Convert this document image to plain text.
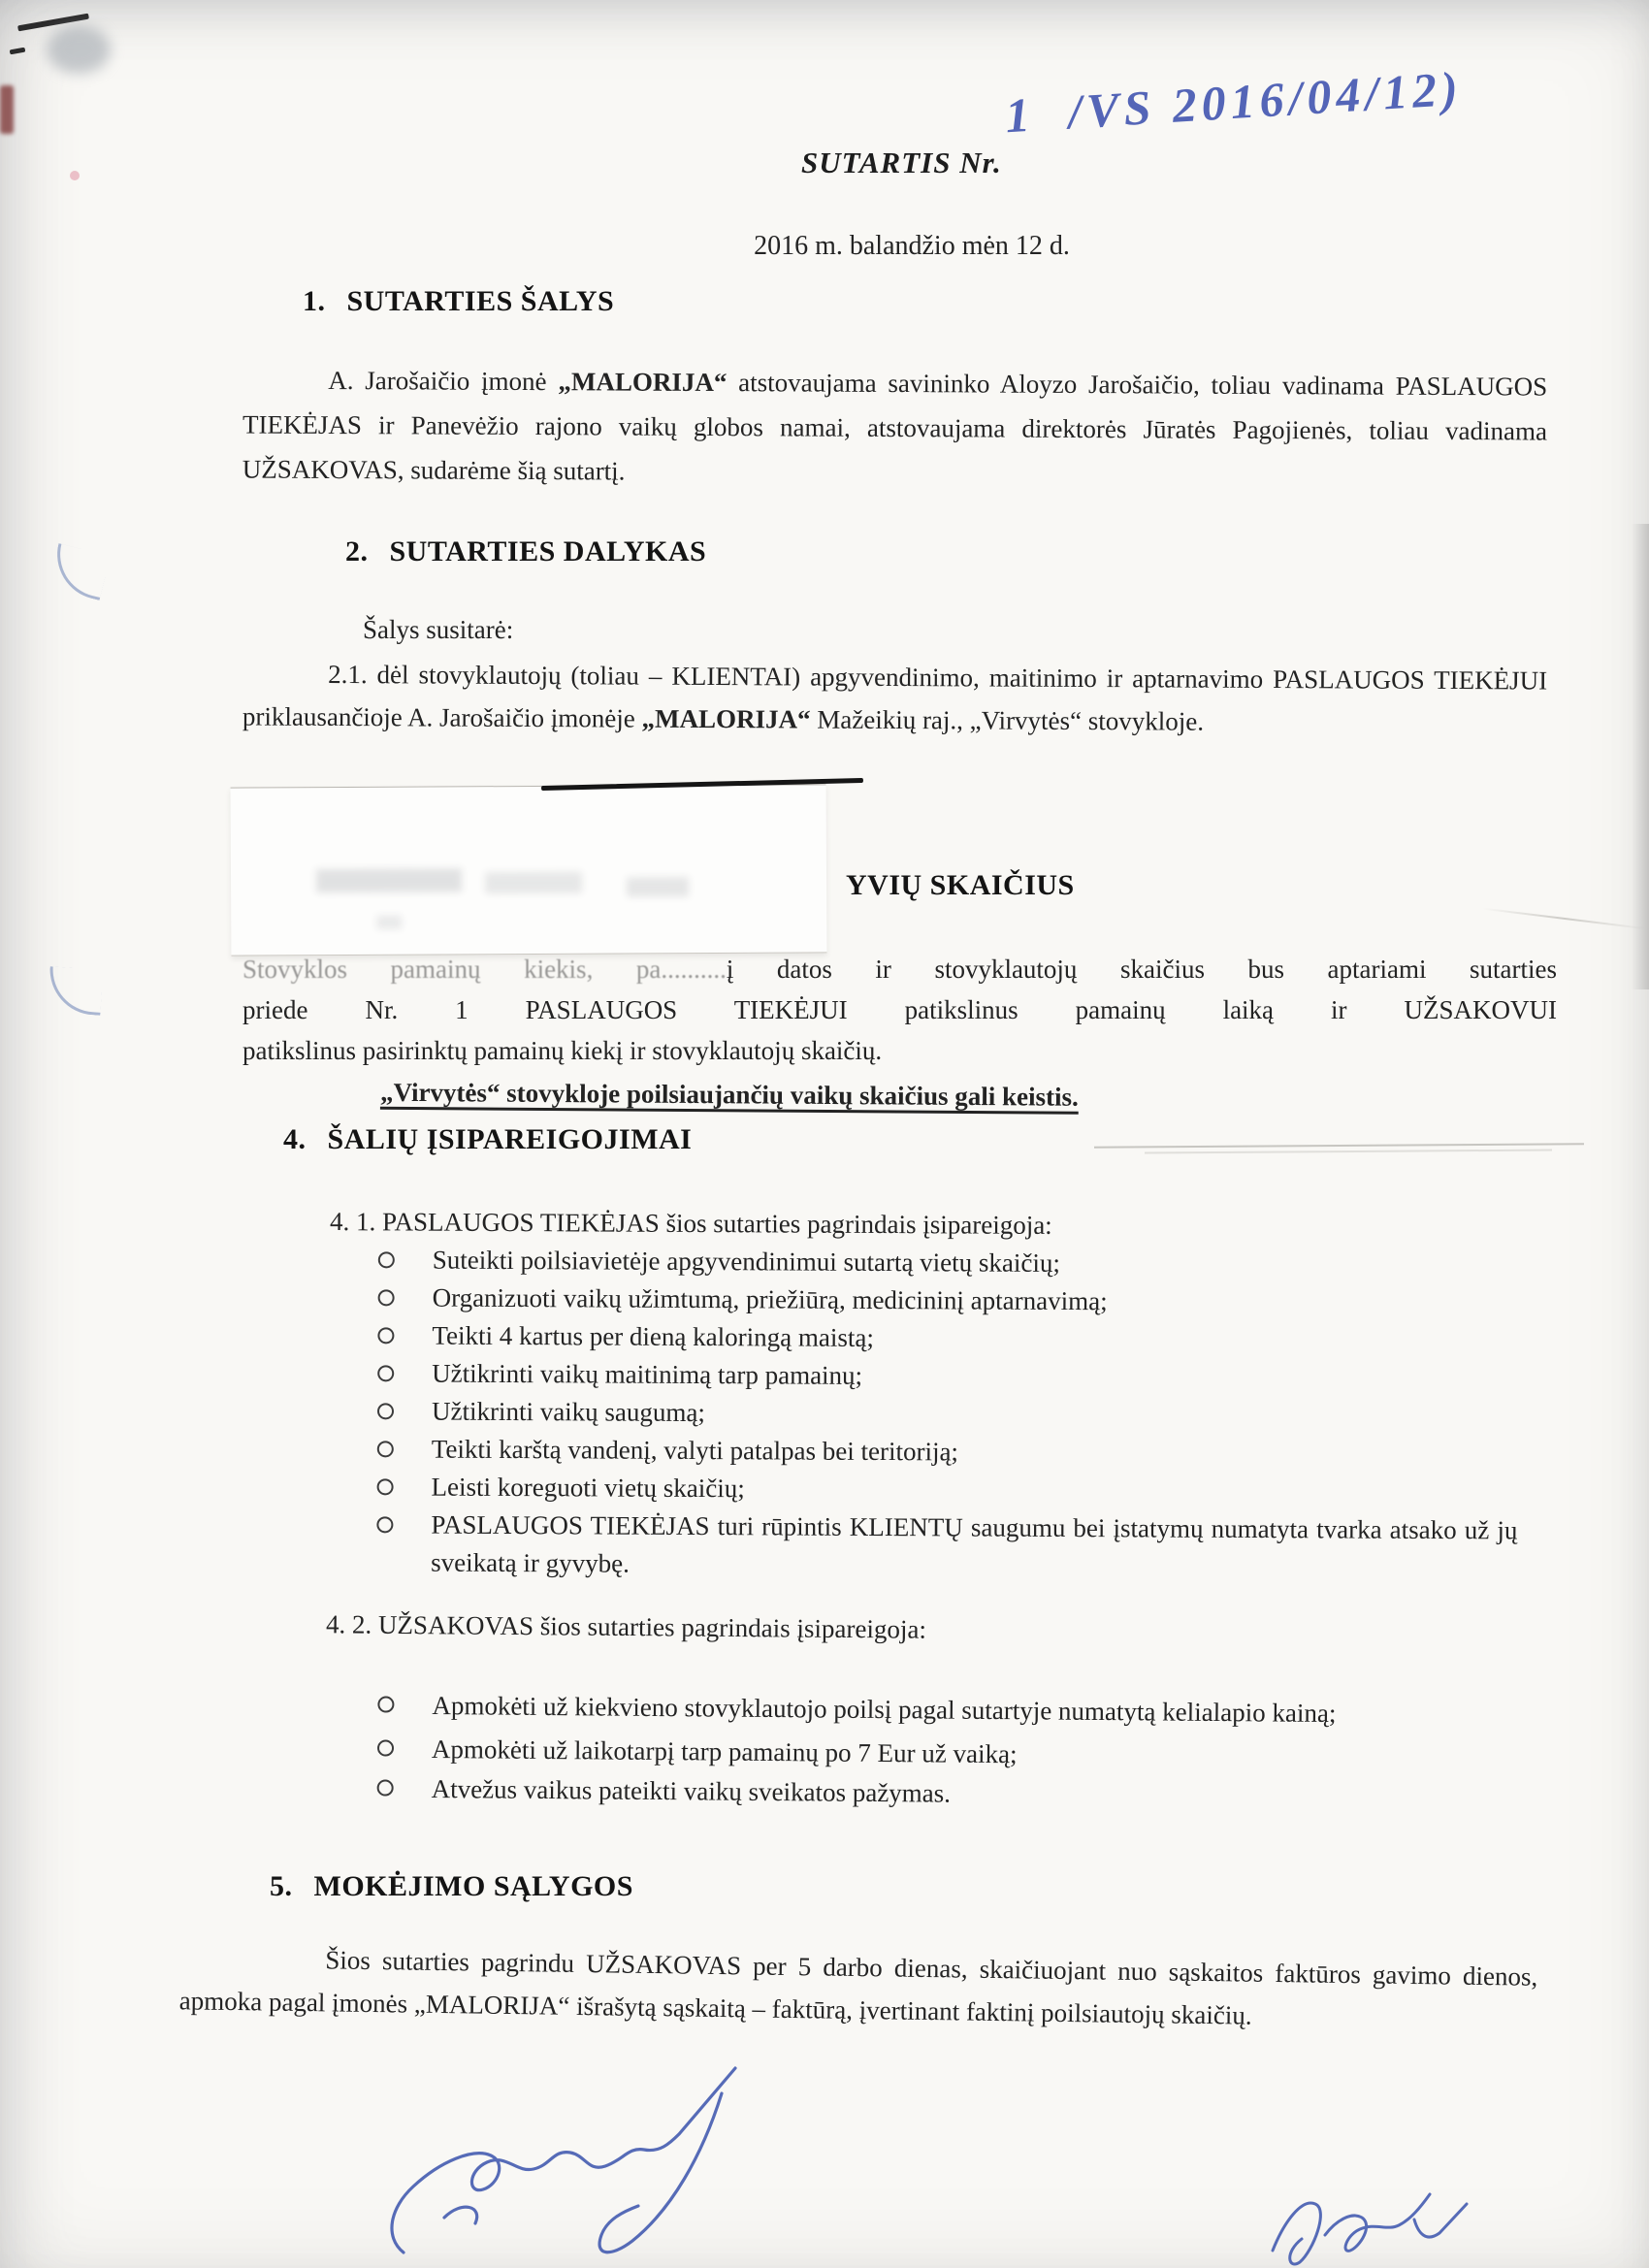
SUTARTIS Nr.
1  /VS 2016/04/12)
2016 m. balandžio mėn 12 d.
1. SUTARTIES ŠALYS

A. Jarošaičio įmonė „MALORIJA“ atstovaujama savininko Aloyzo Jarošaičio, toliau vadinama PASLAUGOS TIEKĖJAS ir Panevėžio rajono vaikų globos namai, atstovaujama direktorės Jūratės Pagojienės, toliau vadinama UŽSAKOVAS, sudarėme šią sutartį.

2. SUTARTIES DALYKAS
Šalys susitarė:

2.1. dėl stovyklautojų (toliau – KLIENTAI) apgyvendinimo, maitinimo ir aptarnavimo PASLAUGOS TIEKĖJUI priklausančioje A. Jarošaičio įmonėje „MALORIJA“ Mažeikių raj., „Virvytės“ stovykloje.

YVIŲ SKAIČIUS
Stovyklos pamainų kiekis, pa..........į datos ir stovyklautojų skaičius bus aptariami sutarties
priede Nr. 1 PASLAUGOS TIEKĖJUI patikslinus pamainų laiką ir UŽSAKOVUI
patikslinus pasirinktų pamainų kiekį ir stovyklautojų skaičių.
„Virvytės“ stovykloje poilsiaujančių vaikų skaičius gali keistis.
4. ŠALIŲ ĮSIPAREIGOJIMAI
4. 1. PASLAUGOS TIEKĖJAS šios sutarties pagrindais įsipareigoja:
Suteikti poilsiavietėje apgyvendinimui sutartą vietų skaičių;
Organizuoti vaikų užimtumą, priežiūrą, medicininį aptarnavimą;
Teikti 4 kartus per dieną kaloringą maistą;
Užtikrinti vaikų maitinimą tarp pamainų;
Užtikrinti vaikų saugumą;
Teikti karštą vandenį, valyti patalpas bei teritoriją;
Leisti koreguoti vietų skaičių;
PASLAUGOS TIEKĖJAS turi rūpintis KLIENTŲ saugumu bei įstatymų numatyta tvarka atsako už jų sveikatą ir gyvybę.
4. 2. UŽSAKOVAS šios sutarties pagrindais įsipareigoja:
Apmokėti už kiekvieno stovyklautojo poilsį pagal sutartyje numatytą kelialapio kainą;
Apmokėti už laikotarpį tarp pamainų po 7 Eur už vaiką;
Atvežus vaikus pateikti vaikų sveikatos pažymas.
5. MOKĖJIMO SĄLYGOS

Šios sutarties pagrindu UŽSAKOVAS per 5 darbo dienas, skaičiuojant nuo sąskaitos faktūros gavimo dienos, apmoka pagal įmonės „MALORIJA“ išrašytą sąskaitą – faktūrą, įvertinant faktinį poilsiautojų skaičių.
